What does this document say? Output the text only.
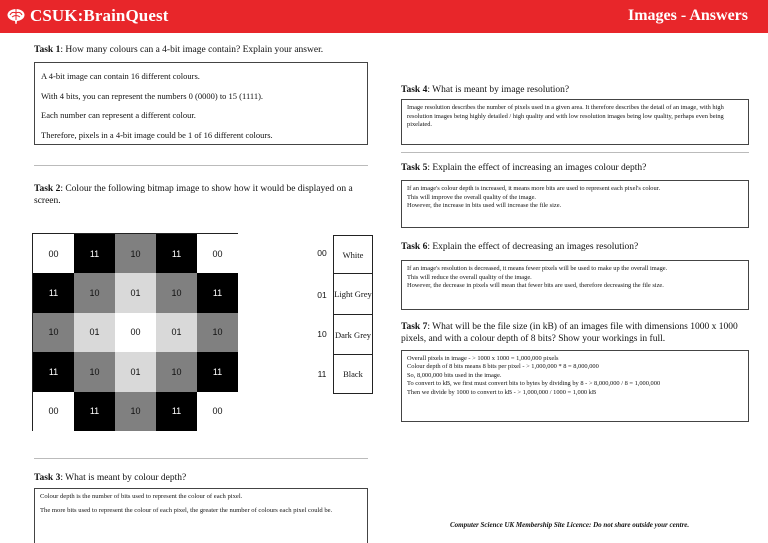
CSUK:BrainQuest	Images - Answers
Task 1: How many colours can a 4-bit image contain? Explain your answer.

A 4-bit image can contain 16 different colours.

With 4 bits, you can represent the numbers 0 (0000) to 15 (1111).

Each number can represent a different colour.

Therefore, pixels in a 4-bit image could be 1 of 16 different colours.

Task 2: Colour the following bitmap image to show how it would be displayed on a screen.
00	11	10	11	00
11	10	01	10	11
10	01	00	01	10
11	10	01	10	11
00	11	10	11	00
00	White
01 Light Grey
10 Dark Grey
11	Black
Task 3: What is meant by colour depth?

Colour depth is the number of bits used to represent the colour of each pixel.

The more bits used to represent the colour of each pixel, the greater the number of colours each pixel could be.

Task 4: What is meant by image resolution?

Image resolution describes the number of pixels used in a given area. It therefore describes the detail of an image, with high resolution images being highly detailed / high quality and with low resolution images being low quality, perhaps even being pixelated.

Task 5: Explain the effect of increasing an images colour depth?

If an image's colour depth is increased, it means more bits are used to represent each pixel's colour.

This will improve the overall quality of the image.

However, the increase in bits used will increase the file size.

Task 6: Explain the effect of decreasing an images resolution?

If an image's resolution is decreased, it means fewer pixels will be used to make up the overall image.

This will reduce the overall quality of the image.

However, the decrease in pixels will mean that fewer bits are used, therefore decreasing the file size.

Task 7: What will be the file size (in kB) of an images file with dimensions 1000 x 1000 pixels, and with a colour depth of 8 bits? Show your workings in full.

Overall pixels in image - > 1000 x 1000 = 1,000,000 pixels

Colour depth of 8 bits means 8 bits per pixel - > 1,000,000 * 8 = 8,000,000

So, 8,000,000 bits used in the image.

To convert to kB, we first must convert bits to bytes by dividing by 8 - > 8,000,000 / 8 = 1,000,000

Then we divide by 1000 to convert to kB - > 1,000,000 / 1000 = 1,000 kB

Computer Science UK Membership Site Licence: Do not share outside your centre.
